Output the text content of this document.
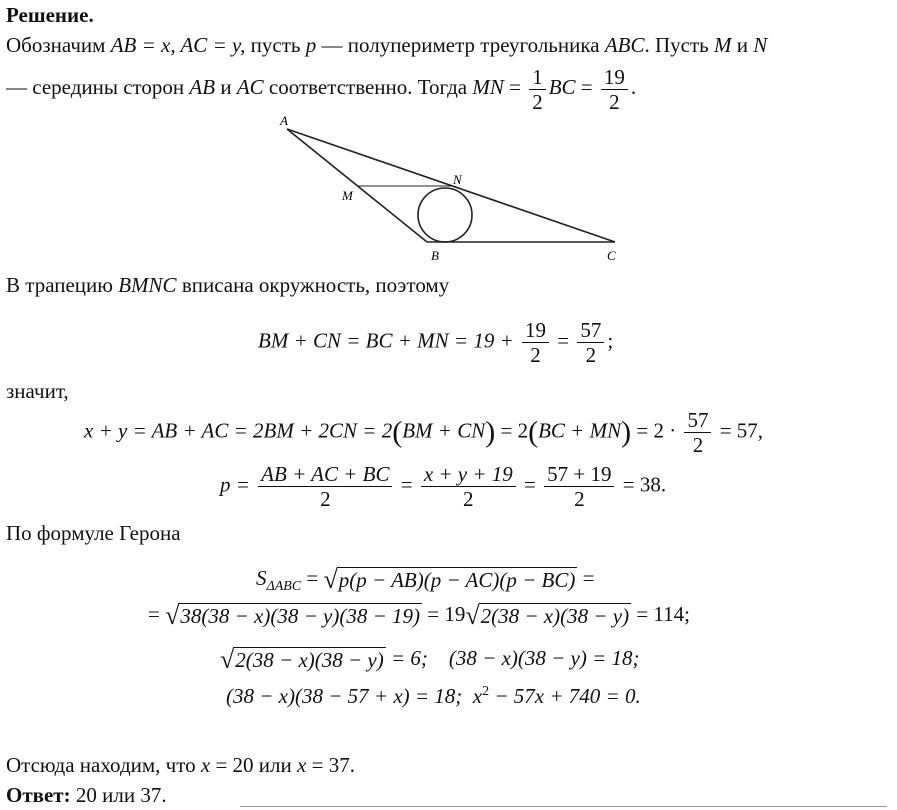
Решение.
Обозначим AB = x, AC = y, пусть p — полупериметр треугольника ABC. Пусть M и N
— середины сторон AB и AC соответственно. Тогда MN = $\frac{1}{2}$ BC = $\frac{19}{2}$ .
A
M
N
B	C
В трапецию BMNC вписана окружность, поэтому
BM + CN = BC + MN = $19 + \frac{19}{2} = \frac{57}{2}$ ;
значит,
x + y = AB + AC = $2BM + 2CN = 2(BM + CN) = 2(BC + MN) = 2 \cdot \frac{57}{2} = 57$,
$p = \frac{AB + AC + BC}{2} = \frac{x + y + 19}{2} = \frac{57 + 19}{2} = 38$.
По формуле Герона
$S_{\Delta ABC}$ = √ p(p − AB)(p − AC)(p − BC) =
= √ 38(38 − x)(38 − y)(38 − 19) = 19 √ 2(38 − x)(38 − y) = 114;
√ 2(38 − x)(38 − y) = 6;    (38 − x)(38 − y) = 18;
(38 − x)(38 − 57 + x) = 18;  $x^2 - 57x + 740 = 0$.
Отсюда находим, что x = 20 или x = 37.
Ответ: 20 или 37.
